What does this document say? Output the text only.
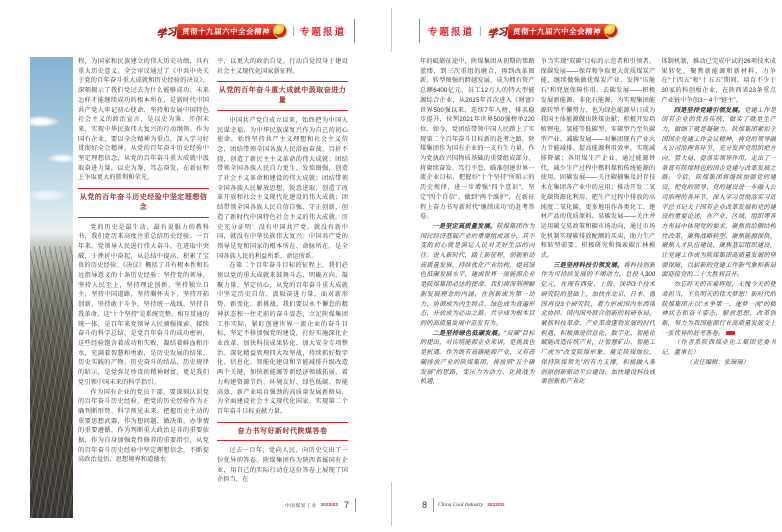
学习 贯彻十九届六中全会精神 ☭ | 专题报道

程，为国家和民族建立的伟大历史功绩，具有重大历史意义。全会审议通过了《中共中央关于党的百年奋斗重大成就和历史经验的决议》，深刻揭示了我们党过去为什么能够成功、未来怎样才能继续成功的根本所在，是新时代中国共产党人牢记初心使命、坚持和发展中国特色社会主义的政治宣言，是以史为鉴、开创未来、实现中华民族伟大复兴的行动纲领。作为国有企业，要以全会精神为重点，深入学习好贯彻好全会精神，从党的百年奋斗历史经验中坚定理想信念，从党的百年奋斗重大成就中汲取奋进力量，以史为鉴，笃志奋发，在新征程上争取更大的胜利和荣光。

从党的百年奋斗历史经验中坚定理想信念

党的历史是最生动、最有说服力的教科书，我们党历来高度注重总结历史经验。一百年来，党领导人民进行伟大奋斗，在进取中突破，于挫折中奋起，从总结中提高，积累了宝贵的历史经验。《决议》概括了具有根本性和长远指导意义的十条历史经验：坚持党的领导，坚持人民至上，坚持理论创新，坚持独立自主，坚持中国道路，坚持胸怀天下，坚持开拓创新，坚持敢于斗争，坚持统一战线，坚持自我革命。这“十个坚持”是系统完整、相互贯通的统一体，是百年来党领导人民顽强探索、接续奋斗的科学总结，是党百年奋斗的成功密码，这些经验饱含着成功和失败，凝结着鲜血和汗水，充满着智慧和勇敢，是历史发展的结果、历史实践的产物、历史奋斗的结晶、历史规律的昭示，是党弥足珍贵的精神财富，更是我们党引领中国未来的科学指引。

作为国有企业的党员干部，要深刻认识党的百年奋斗历史经验，把党的历史经验作为正确判断形势、科学预见未来、把握历史主动的重要思想武器，作为想问题、做决策、办事情的重要遵循，作为判断重大政治是非的重要依据，作为自身加强党性修养的重要指引，从党的百年奋斗历史经验中坚定理想信念，不断提高政治觉悟、思想境界和道德水

平，以更大的政治自觉、行动自觉投身于建设社会主义现代化国家新征程。

从党的百年奋斗重大成就中汲取奋进力量

中国共产党自成立以来，始终把为中国人民谋幸福、为中华民族谋复兴作为自己的初心使命，始终坚持共产主义理想和社会主义信念，团结带领全国各族人民浴血奋战、百折不挠，创造了新民主主义革命的伟大成就；团结带领全国各族人民自力更生、发愤图强，创造了社会主义革命和建设的伟大成就；团结带领全国各族人民解放思想、锐意进取，创造了改革开放和社会主义现代化建设的伟大成就；团结带领全国各族人民自信自强、守正创新，创造了新时代中国特色社会主义的伟大成就。历史充分证明：没有中国共产党，就没有新中国，就没有中华民族伟大复兴；中国共产党的领导是党和国家的根本所在、命脉所在，是全国各族人民的利益所系、命运所系。

在第二个百年奋斗目标的征程上，我们必须以党的重大成就来鼓舞斗志、明确方向、凝聚力量、坚定信心，从党的百年奋斗重大成就中坚定历史自信、汲取奋进力量，面对新形势、新变化、新挑战，我们要以永不懈怠的精神状态和一往无前的奋斗姿态，立足陕煤集团工作实际，紧盯创建世界一流企业的奋斗目标，坚定不移加强党的建设，打好实施深化企业改革、加快科技成果转化、加大安全专项整治、深化精益管理四大攻坚战，持续抓好数字化、信息化、智能化建设和节能减排升级改造两个关键，加快新能源等新经济领域拓展，着力构建资源节约、环境友好、绿色低碳、智能高效、新产业培育强劲的高质量发展新格局，为全面建设社会主义现代化国家、实现第二个百年奋斗目标贡献力量。

奋力书写好新时代陕煤答卷

过去一百年，党向人民、向历史交出了一份优异的答卷。陕煤集团作为陕西省属国有企业，用自己的实际行动在这份答卷上展现了国企担当，在

中国煤炭工业 2022/02 7
专题报道 | 学习 贯彻十九届六中全会精神 ☭

年的砥砺征途中，陕煤集团从初期的筚路蓝缕，到三次重组的磨合，再到改革图新、转型图强的跨越发展，成为拥有资产总额6400亿元、员工12万人的特大型能源综合企业，从2015年首次进入《财富》世界500强以来，连续7年入榜，排名稳步提升，位列2021年世界500强榜单220位。如今，党团结带领中国人民踏上了实现第二个百年奋斗目标新的赶考之路，陕煤集团作为国有企业的一支有生力量，作为党执政兴国物质基础的重要组成部分，将赓续奋发、笃行不怠，瞄准创建世界一流企业目标，把握好“十个坚持”所昭示的历史规律，进一步增强“四个意识”、坚定“四个自信”、做到“两个维护”，在新征程上奋力书写新时代“继续成功”的赶考答卷。

一是坚定高质量发展。陕煤集团作为国民经济基础产业的重要组成部分，其不变的初心就是满足人民对美好生活的向往。进入新时代，踏上新征程，创新驱动高质量发展，持续优化产业结构，提高绿色低碳发展水平，建成世界一流能源企业是陕煤集团必达的使命。我们将深刻理解新发展理念的内涵，在创新成为第一动力、协调成为内生特点、绿色成为普遍形态、开放成为必由之路、共享成为根本目的的高质量发展中奋发有为。

二是坚持绿色低碳发展。“双碳”目标的提出，对传统能源企业来讲，是挑战也是机遇。作为既有高碳能源产业、又有高碳排放产业的陕煤集团，将按照“五个碳发展”的思路，变压力为动力、化挑战为机遇，

争当实现“双碳”目标的示范者和引领者。保碳发展——保存和争取更大优质煤炭产能，继续做强做优煤炭产业，发挥“压舱石”和兜底保障作用。去碳发展——积极发展新能源、非化石能源，为实现集团能源转型不懈努力，也为绿色能源早日成为我国主体能源做出陕煤贡献；积极开发培植锂电、氢能等低碳型、零碳型乃至负碳型产业。减碳发展——对集团现有产业大力节能减排、提高能源利用效率，实现减排降碳；各用煤生产企业，通过能源替代，减少生产过程中燃料煤和传统能源的使用。固碳发展——关注碳捕集及封存技术在集团各产业中的应用；推动开发二氧化碳资源化利用，把生产过程中排放的高纯度二氧化碳，更多地用作各类化工、建材产品的优质原料。易碳发展——关注并运用碳交易政策和碳市场动向，通过市场化机制实现碳排放配额的买卖，助力生产和转型需要；积极研究和探索碳汇林模式。

三是坚持科技引领发展。将科技创新作为可持续发展的不竭动力，总投入300亿元，在现有西安、上海、深圳3个技术研究院的基础上，加快在北京、日本、德国再设3个研究院，着力形成国内东西南北协同、国内国外联合创新的科研布局，紧抓科技革命、产业革命蓬勃发展的时代机遇，积极推进信息化、数字化、智能化赋能改造传统产业，让智慧矿山、智能工厂成为“改变陕煤形象、奠定陕煤地位、保持陕煤领先”的有力支撑，积极融入秦创原创新驱动平台建设，加快建设科技成果创新和产业化

体制机制，推动已完成中试的26项技术成果转化，聚焦新能源和新材料，力争在“十四五”和“十五五”期间，培育不少于30家的科创板企业，在陕西省23条重点产业链中争创3～4个“链主”。

四是坚持党建引领发展。党建工作是国有企业的优良传统，做实了就是生产力，做细了就是凝聚力。陕煤集团紧扣全国国企党建工作会议精神，将党的领导融入公司治理各环节，充分发挥党组织把方向、管大局、促落实领导作用，走出了一条富有陕煤特色的国企党建与改革发展之路。今后，陕煤集团将继续加强党的建设，把党的领导、党的建设进一步融入公司治理的各环节，深入学习贯彻落实习近平总书记关于国有企业改革发展和党的建设的重要论述，在产业、区域、组织等各方布局中体现党的要求，聚焦供给侧结构性改革、聚焦战略转型、聚焦能源保供、聚焦人才队伍建设、聚焦基层组织建设，让党建工作成为陕煤集团高质量发展的坚强保障，以崭新的党建工作新气象和新局面迎接党的二十大胜利召开。

勿忘昨天的苦难辉煌，无愧今天的使命担当，不负明天的伟大梦想！新时代的陕煤集团正以“永争第一、逐梦一流”的精神状态和奋斗姿态，解放思想、改革创新，努力为我国能源行业高质量发展交上一张优异的赶考答卷。

（作者系陕西煤业化工集团党委书记、董事长）

（责任编辑：张瑞瑞）

8 China Coal Industry 2022/02
